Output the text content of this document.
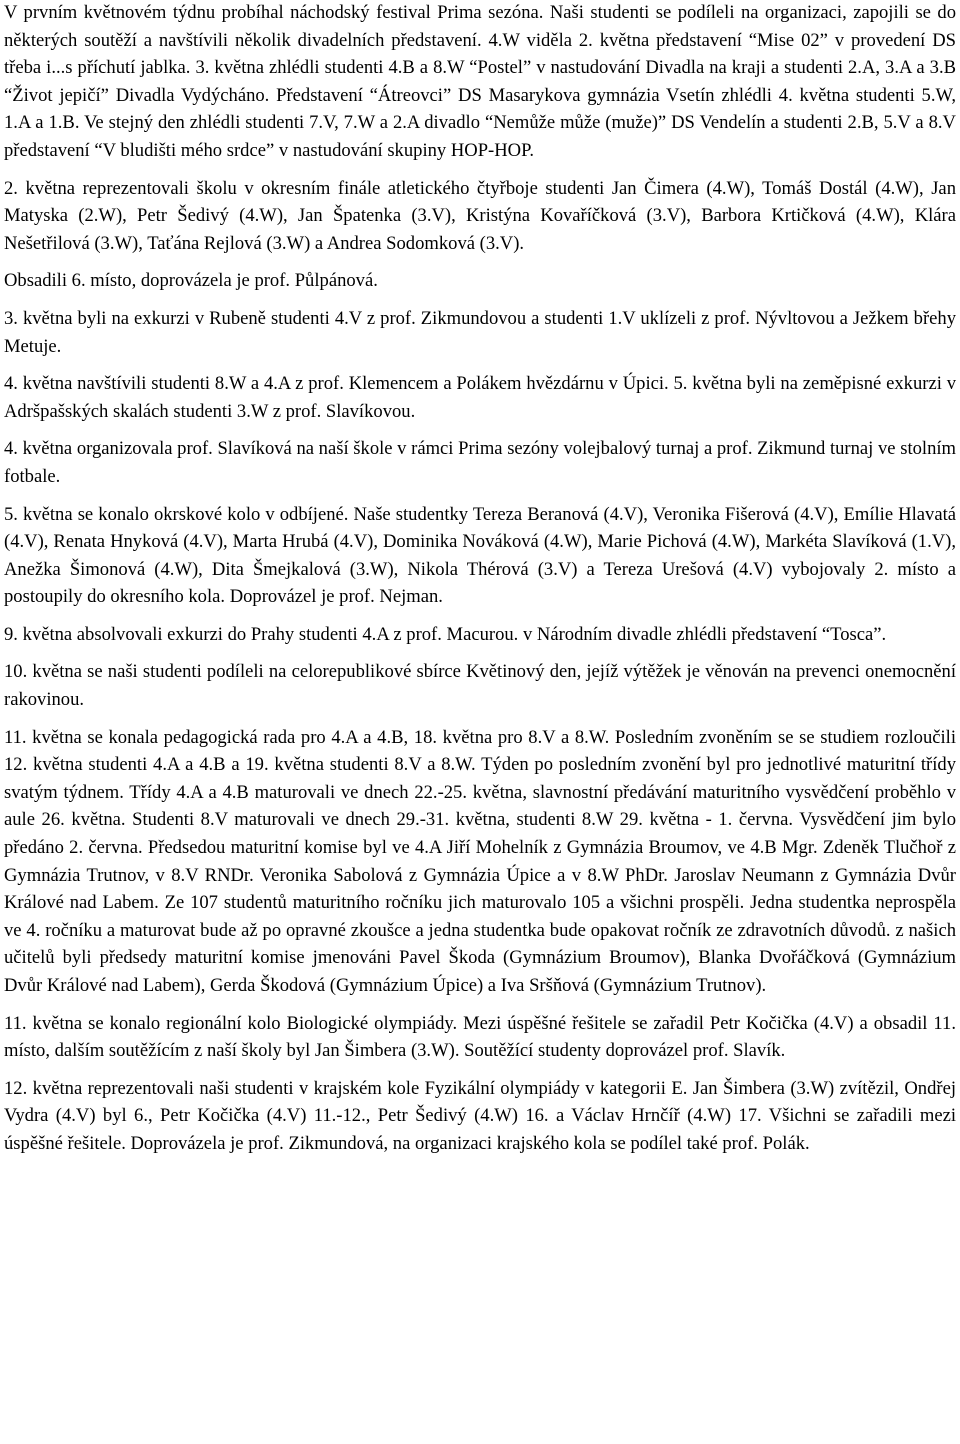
V prvním květnovém týdnu probíhal náchodský festival Prima sezóna. Naši studenti se podíleli na organizaci, zapojili se do některých soutěží a navštívili několik divadelních představení. 4.W viděla 2. května představení “Mise 02” v provedení DS třeba i...s příchutí jablka. 3. května zhlédli studenti 4.B a 8.W “Postel” v nastudování Divadla na kraji a studenti 2.A, 3.A a 3.B “Život jepičí” Divadla Vydýcháno. Představení “Átreovci” DS Masarykova gymnázia Vsetín zhlédli 4. května studenti 5.W, 1.A a 1.B. Ve stejný den zhlédli studenti 7.V, 7.W a 2.A divadlo “Nemůže může (muže)” DS Vendelín a studenti 2.B, 5.V a 8.V představení “V bludišti mého srdce” v nastudování skupiny HOP-HOP.

2. května reprezentovali školu v okresním finále atletického čtyřboje studenti Jan Čimera (4.W), Tomáš Dostál (4.W), Jan Matyska (2.W), Petr Šedivý (4.W), Jan Špatenka (3.V), Kristýna Kovaříčková (3.V), Barbora Krtičková (4.W), Klára Nešetřilová (3.W), Taťána Rejlová (3.W) a Andrea Sodomková (3.V).

Obsadili 6. místo, doprovázela je prof. Půlpánová.

3. května byli na exkurzi v Rubeně studenti 4.V z prof. Zikmundovou a studenti 1.V uklízeli z prof. Nývltovou a Ježkem břehy Metuje.

4. května navštívili studenti 8.W a 4.A z prof. Klemencem a Polákem hvězdárnu v Úpici. 5. května byli na zeměpisné exkurzi v Adršpašských skalách studenti 3.W z prof. Slavíkovou.

4. května organizovala prof. Slavíková na naší škole v rámci Prima sezóny volejbalový turnaj a prof. Zikmund turnaj ve stolním fotbale.

5. května se konalo okrskové kolo v odbíjené. Naše studentky Tereza Beranová (4.V), Veronika Fišerová (4.V), Emílie Hlavatá (4.V), Renata Hnyková (4.V), Marta Hrubá (4.V), Dominika Nováková (4.W), Marie Pichová (4.W), Markéta Slavíková (1.V), Anežka Šimonová (4.W), Dita Šmejkalová (3.W), Nikola Thérová (3.V) a Tereza Urešová (4.V) vybojovaly 2. místo a postoupily do okresního kola. Doprovázel je prof. Nejman.

9. května absolvovali exkurzi do Prahy studenti 4.A z prof. Macurou. v Národním divadle zhlédli představení “Tosca”.

10. května se naši studenti podíleli na celorepublikové sbírce Květinový den, jejíž výtěžek je věnován na prevenci onemocnění rakovinou.

11. května se konala pedagogická rada pro 4.A a 4.B, 18. května pro 8.V a 8.W. Posledním zvoněním se se studiem rozloučili 12. května studenti 4.A a 4.B a 19. května studenti 8.V a 8.W. Týden po posledním zvonění byl pro jednotlivé maturitní třídy svatým týdnem. Třídy 4.A a 4.B maturovali ve dnech 22.-25. května, slavnostní předávání maturitního vysvědčení proběhlo v aule 26. května. Studenti 8.V maturovali ve dnech 29.-31. května, studenti 8.W 29. května - 1. června. Vysvědčení jim bylo předáno 2. června. Předsedou maturitní komise byl ve 4.A Jiří Mohelník z Gymnázia Broumov, ve 4.B Mgr. Zdeněk Tlučhoř z Gymnázia Trutnov, v 8.V RNDr. Veronika Sabolová z Gymnázia Úpice a v 8.W PhDr. Jaroslav Neumann z Gymnázia Dvůr Králové nad Labem. Ze 107 studentů maturitního ročníku jich maturovalo 105 a všichni prospěli. Jedna studentka neprospěla ve 4. ročníku a maturovat bude až po opravné zkoušce a jedna studentka bude opakovat ročník ze zdravotních důvodů. z našich učitelů byli předsedy maturitní komise jmenováni Pavel Škoda (Gymnázium Broumov), Blanka Dvořáčková (Gymnázium Dvůr Králové nad Labem), Gerda Škodová (Gymnázium Úpice) a Iva Sršňová (Gymnázium Trutnov).

11. května se konalo regionální kolo Biologické olympiády. Mezi úspěšné řešitele se zařadil Petr Kočička (4.V) a obsadil 11. místo, dalším soutěžícím z naší školy byl Jan Šimbera (3.W). Soutěžící studenty doprovázel prof. Slavík.

12. května reprezentovali naši studenti v krajském kole Fyzikální olympiády v kategorii E. Jan Šimbera (3.W) zvítězil, Ondřej Vydra (4.V) byl 6., Petr Kočička (4.V) 11.-12., Petr Šedivý (4.W) 16. a Václav Hrnčíř (4.W) 17. Všichni se zařadili mezi úspěšné řešitele. Doprovázela je prof. Zikmundová, na organizaci krajského kola se podílel také prof. Polák.
